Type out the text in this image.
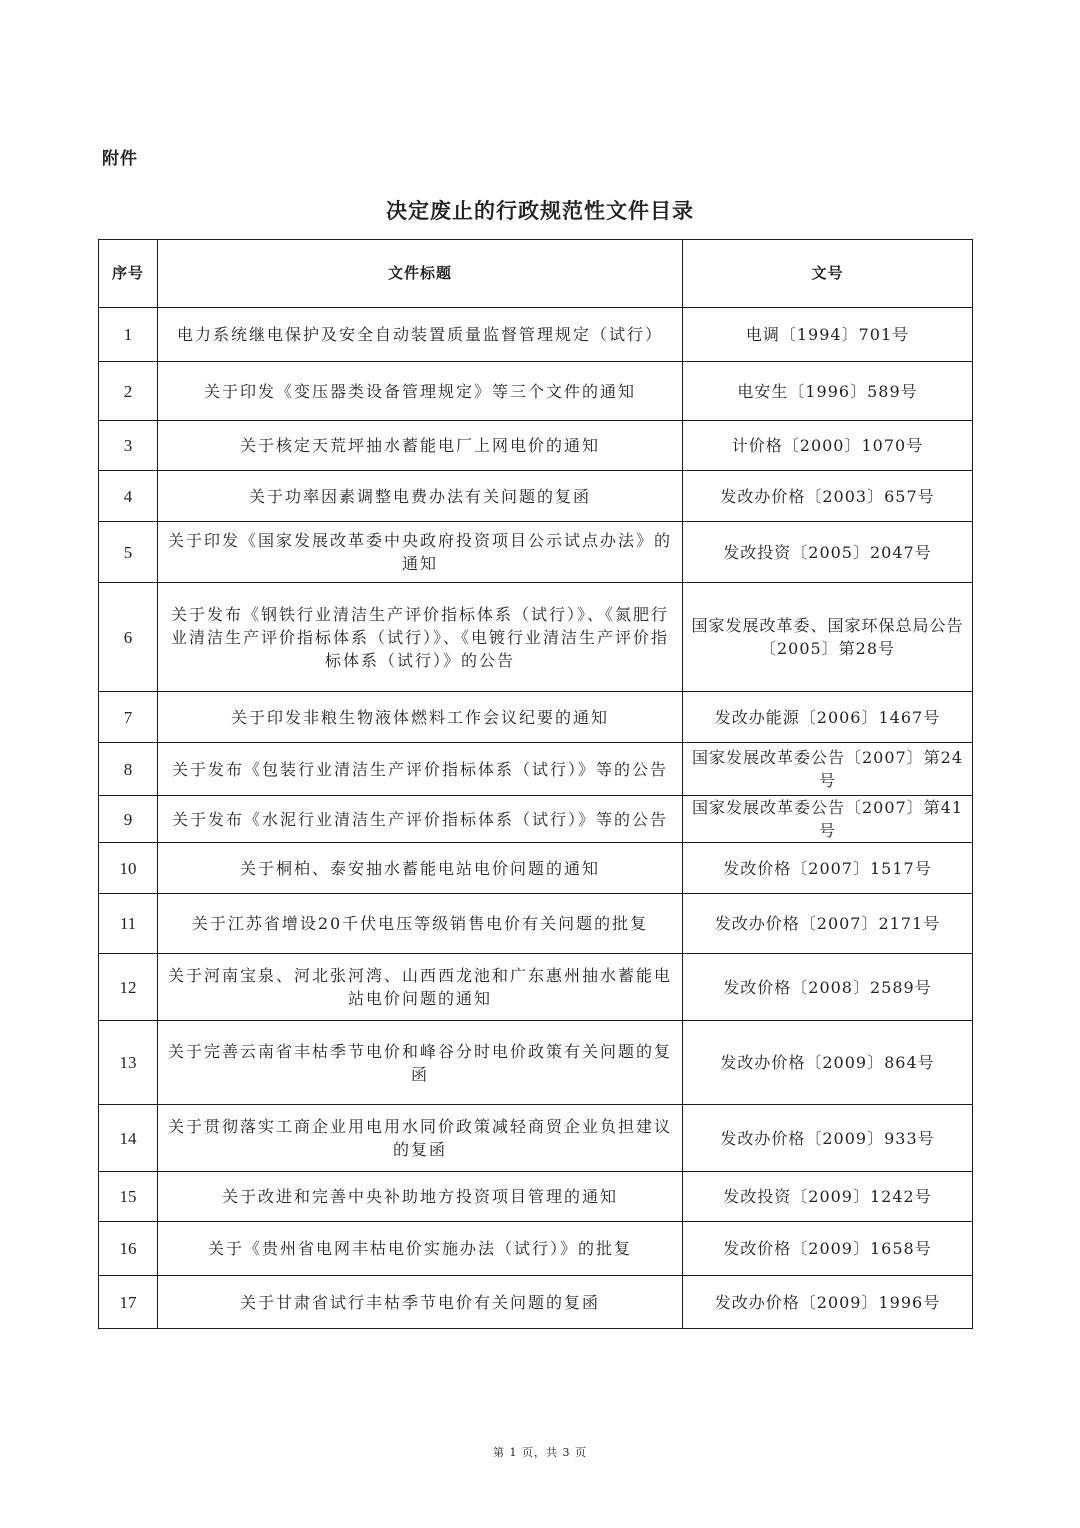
附件
决定废止的行政规范性文件目录
序号	文件标题	文号
1	电力系统继电保护及安全自动装置质量监督管理规定（试行）	电调〔1994〕701号
2	关于印发《变压器类设备管理规定》等三个文件的通知	电安生〔1996〕589号
3	关于核定天荒坪抽水蓄能电厂上网电价的通知	计价格〔2000〕1070号
4	关于功率因素调整电费办法有关问题的复函	发改办价格〔2003〕657号
5	关于印发《国家发展改革委中央政府投资项目公示试点办法》的通知	发改投资〔2005〕2047号
6	关于发布《钢铁行业清洁生产评价指标体系（试行）》、《氮肥行业清洁生产评价指标体系（试行）》、《电镀行业清洁生产评价指标体系（试行）》的公告	国家发展改革委、国家环保总局公告　〔2005〕第28号
7	关于印发非粮生物液体燃料工作会议纪要的通知	发改办能源〔2006〕1467号
8	关于发布《包装行业清洁生产评价指标体系（试行）》等的公告	国家发展改革委公告〔2007〕第24号
9	关于发布《水泥行业清洁生产评价指标体系（试行）》等的公告	国家发展改革委公告〔2007〕第41号
10	关于桐柏、泰安抽水蓄能电站电价问题的通知	发改价格〔2007〕1517号
11	关于江苏省增设20千伏电压等级销售电价有关问题的批复	发改办价格〔2007〕2171号
12	关于河南宝泉、河北张河湾、山西西龙池和广东惠州抽水蓄能电站电价问题的通知	发改价格〔2008〕2589号
13	关于完善云南省丰枯季节电价和峰谷分时电价政策有关问题的复函	发改办价格〔2009〕864号
14	关于贯彻落实工商企业用电用水同价政策减轻商贸企业负担建议的复函	发改办价格〔2009〕933号
15	关于改进和完善中央补助地方投资项目管理的通知	发改投资〔2009〕1242号
16	关于《贵州省电网丰枯电价实施办法（试行）》的批复	发改价格〔2009〕1658号
17	关于甘肃省试行丰枯季节电价有关问题的复函	发改办价格〔2009〕1996号
第 1 页，共 3 页
